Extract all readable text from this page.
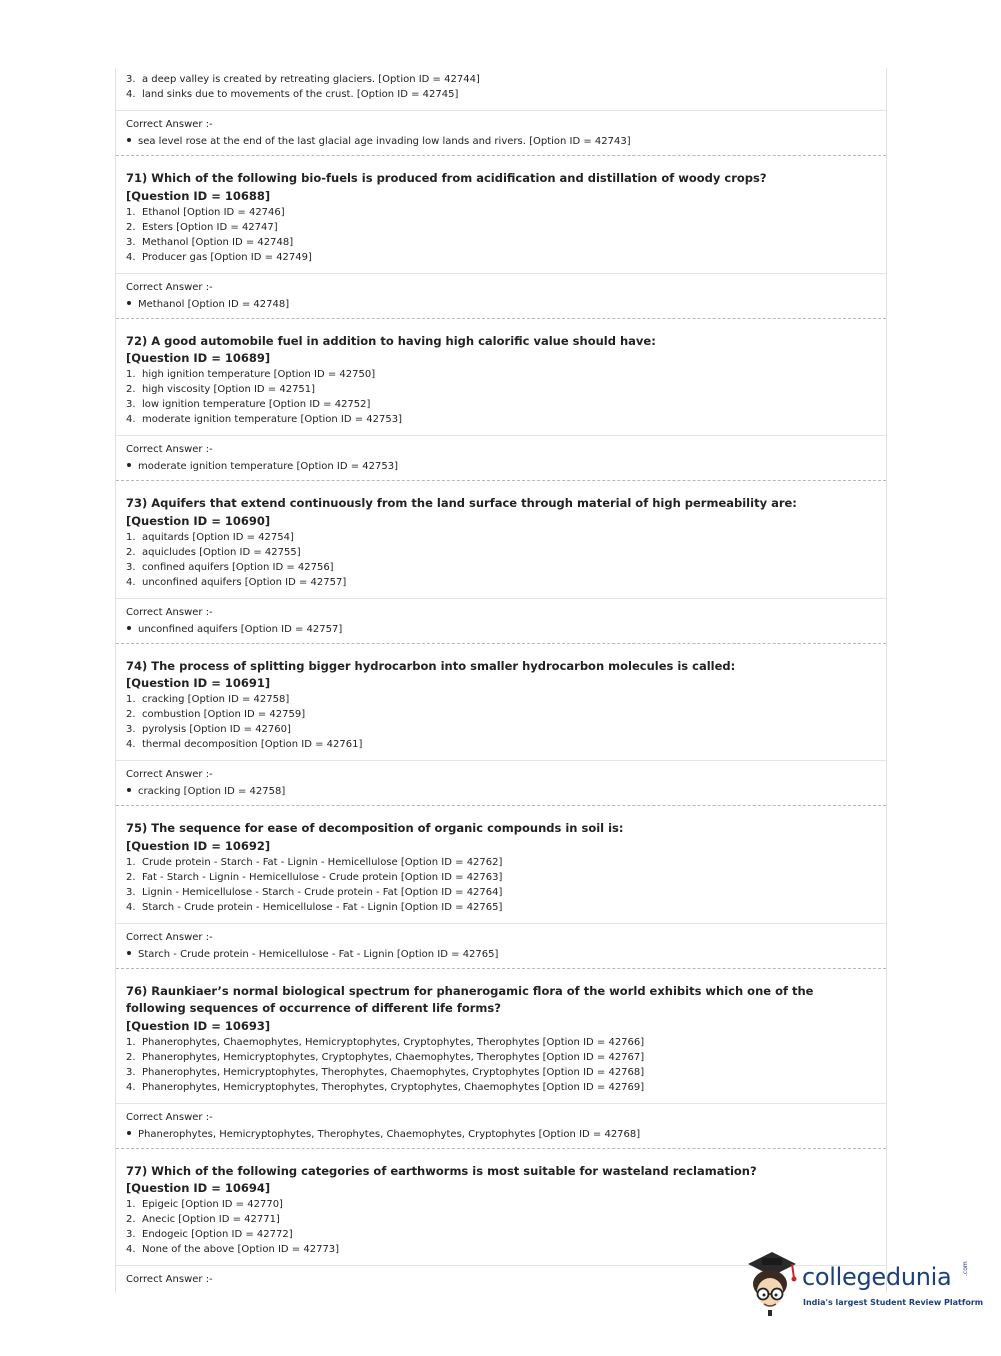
3. a deep valley is created by retreating glaciers. [Option ID = 42744]
4. land sinks due to movements of the crust. [Option ID = 42745]
Correct Answer :-
sea level rose at the end of the last glacial age invading low lands and rivers. [Option ID = 42743]
71) Which of the following bio-fuels is produced from acidification and distillation of woody crops?
[Question ID = 10688]
1. Ethanol [Option ID = 42746]
2. Esters [Option ID = 42747]
3. Methanol [Option ID = 42748]
4. Producer gas [Option ID = 42749]
Correct Answer :-
Methanol [Option ID = 42748]
72) A good automobile fuel in addition to having high calorific value should have:
[Question ID = 10689]
1. high ignition temperature [Option ID = 42750]
2. high viscosity [Option ID = 42751]
3. low ignition temperature [Option ID = 42752]
4. moderate ignition temperature [Option ID = 42753]
Correct Answer :-
moderate ignition temperature [Option ID = 42753]
73) Aquifers that extend continuously from the land surface through material of high permeability are:
[Question ID = 10690]
1. aquitards [Option ID = 42754]
2. aquicludes [Option ID = 42755]
3. confined aquifers [Option ID = 42756]
4. unconfined aquifers [Option ID = 42757]
Correct Answer :-
unconfined aquifers [Option ID = 42757]
74) The process of splitting bigger hydrocarbon into smaller hydrocarbon molecules is called:
[Question ID = 10691]
1. cracking [Option ID = 42758]
2. combustion [Option ID = 42759]
3. pyrolysis [Option ID = 42760]
4. thermal decomposition [Option ID = 42761]
Correct Answer :-
cracking [Option ID = 42758]
75) The sequence for ease of decomposition of organic compounds in soil is:
[Question ID = 10692]
1. Crude protein - Starch - Fat - Lignin - Hemicellulose [Option ID = 42762]
2. Fat - Starch - Lignin - Hemicellulose - Crude protein [Option ID = 42763]
3. Lignin - Hemicellulose - Starch - Crude protein - Fat [Option ID = 42764]
4. Starch - Crude protein - Hemicellulose - Fat - Lignin [Option ID = 42765]
Correct Answer :-
Starch - Crude protein - Hemicellulose - Fat - Lignin [Option ID = 42765]
76) Raunkiaer’s normal biological spectrum for phanerogamic flora of the world exhibits which one of the following sequences of occurrence of different life forms?
[Question ID = 10693]
1. Phanerophytes, Chaemophytes, Hemicryptophytes, Cryptophytes, Therophytes [Option ID = 42766]
2. Phanerophytes, Hemicryptophytes, Cryptophytes, Chaemophytes, Therophytes [Option ID = 42767]
3. Phanerophytes, Hemicryptophytes, Therophytes, Chaemophytes, Cryptophytes [Option ID = 42768]
4. Phanerophytes, Hemicryptophytes, Therophytes, Cryptophytes, Chaemophytes [Option ID = 42769]
Correct Answer :-
Phanerophytes, Hemicryptophytes, Therophytes, Chaemophytes, Cryptophytes [Option ID = 42768]
77) Which of the following categories of earthworms is most suitable for wasteland reclamation?
[Question ID = 10694]
1. Epigeic [Option ID = 42770]
2. Anecic [Option ID = 42771]
3. Endogeic [Option ID = 42772]
4. None of the above [Option ID = 42773]
Correct Answer :-	collegedunia .com
India's largest Student Review Platform
